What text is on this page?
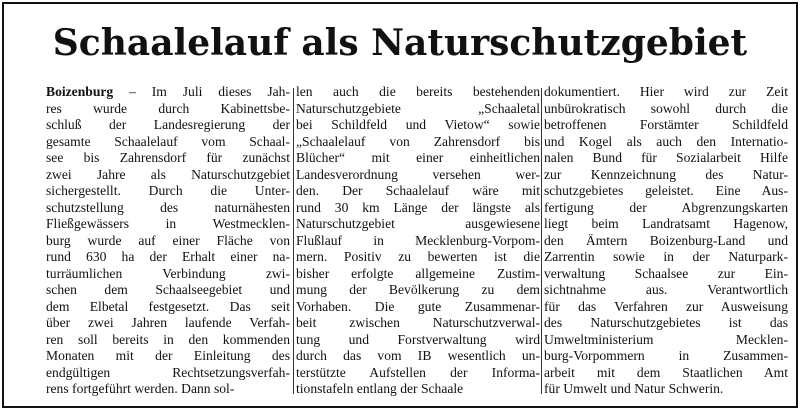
Schaalelauf als Naturschutzgebiet
Boizenburg – Im Juli dieses Jah-
res wurde durch Kabinettsbe-
schluß der Landesregierung der
gesamte Schaalelauf vom Schaal-
see bis Zahrensdorf für zunächst
zwei Jahre als Naturschutzgebiet
sichergestellt. Durch die Unter-
schutzstellung des naturnähesten
Fließgewässers in Westmecklen-
burg wurde auf einer Fläche von
rund 630 ha der Erhalt einer na-
turräumlichen Verbindung zwi-
schen dem Schaalseegebiet und
dem Elbetal festgesetzt. Das seit
über zwei Jahren laufende Verfah-
ren soll bereits in den kommenden
Monaten mit der Einleitung des
endgültigen Rechtsetzungsverfah-
rens fortgeführt werden. Dann sol-
len auch die bereits bestehenden
Naturschutzgebiete „Schaaletal
bei Schildfeld und Vietow“ sowie
„Schaalelauf von Zahrensdorf bis
Blücher“ mit einer einheitlichen
Landesverordnung versehen wer-
den. Der Schaalelauf wäre mit
rund 30 km Länge der längste als
Naturschutzgebiet ausgewiesene
Flußlauf in Mecklenburg-Vorpom-
mern. Positiv zu bewerten ist die
bisher erfolgte allgemeine Zustim-
mung der Bevölkerung zu dem
Vorhaben. Die gute Zusammenar-
beit zwischen Naturschutzverwal-
tung und Forstverwaltung wird
durch das vom IB wesentlich un-
terstützte Aufstellen der Informa-
tionstafeln entlang der Schaale
dokumentiert. Hier wird zur Zeit
unbürokratisch sowohl durch die
betroffenen Forstämter Schildfeld
und Kogel als auch den Internatio-
nalen Bund für Sozialarbeit Hilfe
zur Kennzeichnung des Natur-
schutzgebietes geleistet. Eine Aus-
fertigung der Abgrenzungskarten
liegt beim Landratsamt Hagenow,
den Ämtern Boizenburg-Land und
Zarrentin sowie in der Naturpark-
verwaltung Schaalsee zur Ein-
sichtnahme aus. Verantwortlich
für das Verfahren zur Ausweisung
des Naturschutzgebietes ist das
Umweltministerium Mecklen-
burg-Vorpommern in Zusammen-
arbeit mit dem Staatlichen Amt
für Umwelt und Natur Schwerin.
